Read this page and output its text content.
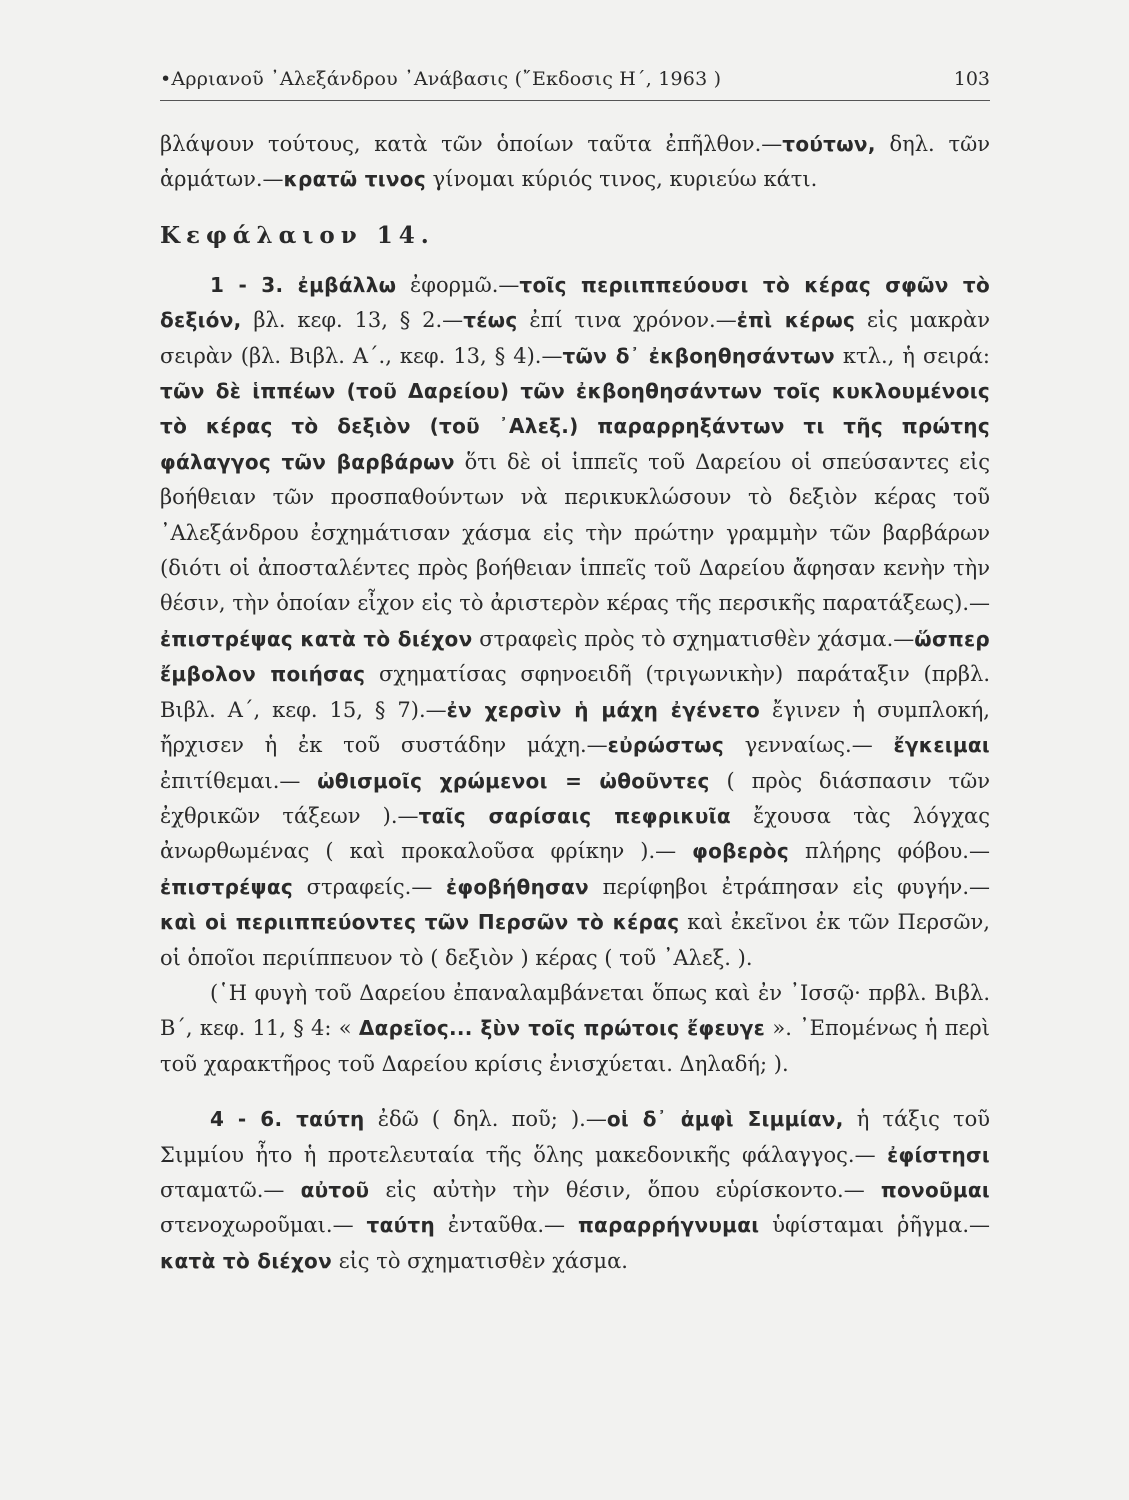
•Αρριανοῦ ᾽Αλεξάνδρου ᾽Ανάβασις (῎Εκδοσις Η΄, 1963 )	103

βλάψουν τούτους, κατὰ τῶν ὁποίων ταῦτα ἐπῆλθον.—τούτων, δηλ. τῶν ἁρμάτων.—κρατῶ τινος γίνομαι κύριός τινος, κυριεύω κάτι.

Κεφάλαιον 14.

1 - 3. ἐμβάλλω ἐφορμῶ.—τοῖς περιιππεύουσι τὸ κέρας σφῶν τὸ δεξιόν, βλ. κεφ. 13, § 2.—τέως ἐπί τινα χρόνον.—ἐπὶ κέρως εἰς μακρὰν σειρὰν (βλ. Βιβλ. Α΄., κεφ. 13, § 4).—τῶν δ᾽ ἐκβοηθησάντων κτλ., ἡ σειρά: τῶν δὲ ἱππέων (τοῦ Δαρείου) τῶν ἐκβοηθησάντων τοῖς κυκλουμένοις τὸ κέρας τὸ δεξιὸν (τοῦ ᾽Αλεξ.) παραρρηξάντων τι τῆς πρώτης φάλαγγος τῶν βαρβάρων ὅτι δὲ οἱ ἱππεῖς τοῦ Δαρείου οἱ σπεύσαντες εἰς βοήθειαν τῶν προσπαθούντων νὰ περικυκλώσουν τὸ δεξιὸν κέρας τοῦ ᾽Αλεξάνδρου ἐσχημάτισαν χάσμα εἰς τὴν πρώτην γραμμὴν τῶν βαρβάρων (διότι οἱ ἀποσταλέντες πρὸς βοήθειαν ἱππεῖς τοῦ Δαρείου ἄφησαν κενὴν τὴν θέσιν, τὴν ὁποίαν εἶχον εἰς τὸ ἀριστερὸν κέρας τῆς περσικῆς παρατάξεως).— ἐπιστρέψας κατὰ τὸ διέχον στραφεὶς πρὸς τὸ σχηματισθὲν χάσμα.—ὥσπερ ἔμβολον ποιήσας σχηματίσας σφηνοειδῆ (τριγωνικὴν) παράταξιν (πρβλ. Βιβλ. Α΄, κεφ. 15, § 7).—ἐν χερσὶν ἡ μάχη ἐγένετο ἔγινεν ἡ συμπλοκή, ἤρχισεν ἡ ἐκ τοῦ συστάδην μάχη.—εὐρώστως γενναίως.— ἔγκειμαι ἐπιτίθεμαι.— ὠθισμοῖς χρώμενοι = ὠθοῦντες ( πρὸς διάσπασιν τῶν ἐχθρικῶν τάξεων ).—ταῖς σαρίσαις πεφρικυῖα ἔχουσα τὰς λόγχας ἀνωρθωμένας ( καὶ προκαλοῦσα φρίκην ).— φοβερὸς πλήρης φόβου.— ἐπιστρέψας στραφείς.— ἐφοβήθησαν περίφηβοι ἐτράπησαν εἰς φυγήν.— καὶ οἱ περιιππεύοντες τῶν Περσῶν τὸ κέρας καὶ ἐκεῖνοι ἐκ τῶν Περσῶν, οἱ ὁποῖοι περιίππευον τὸ ( δεξιὸν ) κέρας ( τοῦ ᾽Αλεξ. ).

(῾Η φυγὴ τοῦ Δαρείου ἐπαναλαμβάνεται ὅπως καὶ ἐν ᾽Ισσῷ· πρβλ. Βιβλ. Β΄, κεφ. 11, § 4: « Δαρεῖος... ξὺν τοῖς πρώτοις ἔφευγε ». ᾽Επομένως ἡ περὶ τοῦ χαρακτῆρος τοῦ Δαρείου κρίσις ἐνισχύεται. Δηλαδή; ).

4 - 6. ταύτη ἐδῶ ( δηλ. ποῦ; ).—οἱ δ᾽ ἀμφὶ Σιμμίαν, ἡ τάξις τοῦ Σιμμίου ἦτο ἡ προτελευταία τῆς ὅλης μακεδονικῆς φάλαγγος.— ἐφίστησι σταματῶ.— αὐτοῦ εἰς αὐτὴν τὴν θέσιν, ὅπου εὑρίσκοντο.— πονοῦμαι στενοχωροῦμαι.— ταύτη ἐνταῦθα.— παραρρήγνυμαι ὑφίσταμαι ῥῆγμα.—κατὰ τὸ διέχον εἰς τὸ σχηματισθὲν χάσμα.
